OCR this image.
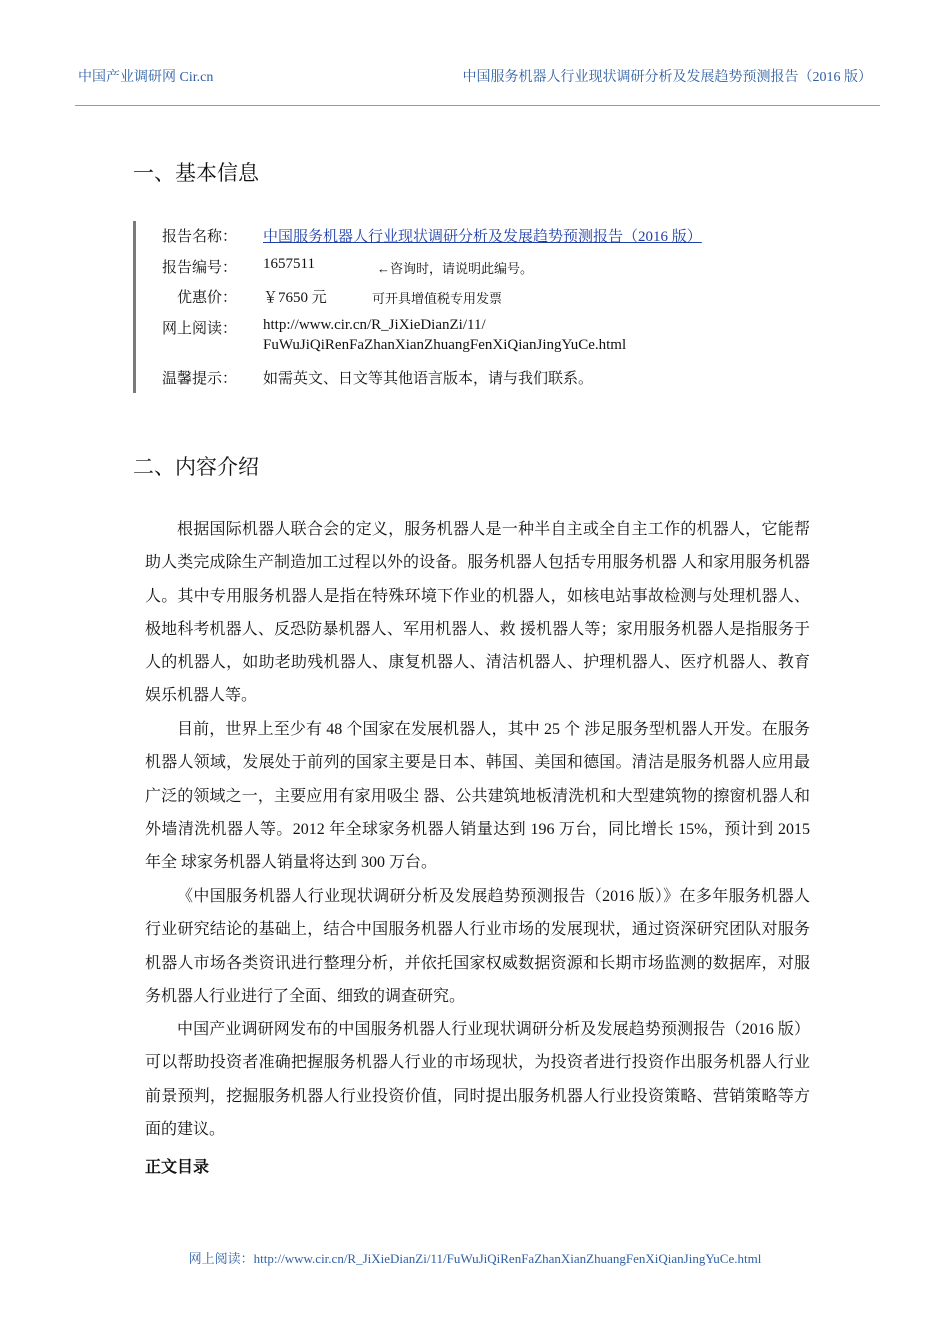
中国产业调研网 Cir.cn	中国服务机器人行业现状调研分析及发展趋势预测报告（2016 版）
一、基本信息
报告名称： 中国服务机器人行业现状调研分析及发展趋势预测报告（2016 版）
报告编号： 1657511	←咨询时，请说明此编号。
优惠价： ￥7650 元	可开具增值税专用发票
网上阅读： http://www.cir.cn/R_JiXieDianZi/11/
FuWuJiQiRenFaZhanXianZhuangFenXiQianJingYuCe.html
温馨提示： 如需英文、日文等其他语言版本，请与我们联系。
二、内容介绍

根据国际机器人联合会的定义，服务机器人是一种半自主或全自主工作的机器人，它能帮助人类完成除生产制造加工过程以外的设备。服务机器人包括专用服务机器 人和家用服务机器人。其中专用服务机器人是指在特殊环境下作业的机器人，如核电站事故检测与处理机器人、极地科考机器人、反恐防暴机器人、军用机器人、救 援机器人等；家用服务机器人是指服务于人的机器人，如助老助残机器人、康复机器人、清洁机器人、护理机器人、医疗机器人、教育娱乐机器人等。

目前，世界上至少有 48 个国家在发展机器人，其中 25 个 涉足服务型机器人开发。在服务机器人领域，发展处于前列的国家主要是日本、韩国、美国和德国。清洁是服务机器人应用最广泛的领域之一，主要应用有家用吸尘 器、公共建筑地板清洗机和大型建筑物的擦窗机器人和外墙清洗机器人等。2012 年全球家务机器人销量达到 196 万台，同比增长 15%，预计到 2015 年全 球家务机器人销量将达到 300 万台。

《中国服务机器人行业现状调研分析及发展趋势预测报告（2016 版）》在多年服务机器人行业研究结论的基础上，结合中国服务机器人行业市场的发展现状，通过资深研究团队对服务机器人市场各类资讯进行整理分析，并依托国家权威数据资源和长期市场监测的数据库，对服务机器人行业进行了全面、细致的调查研究。

中国产业调研网发布的中国服务机器人行业现状调研分析及发展趋势预测报告（2016 版）可以帮助投资者准确把握服务机器人行业的市场现状，为投资者进行投资作出服务机器人行业前景预判，挖掘服务机器人行业投资价值，同时提出服务机器人行业投资策略、营销策略等方面的建议。

正文目录
网上阅读：http://www.cir.cn/R_JiXieDianZi/11/FuWuJiQiRenFaZhanXianZhuangFenXiQianJingYuCe.html
